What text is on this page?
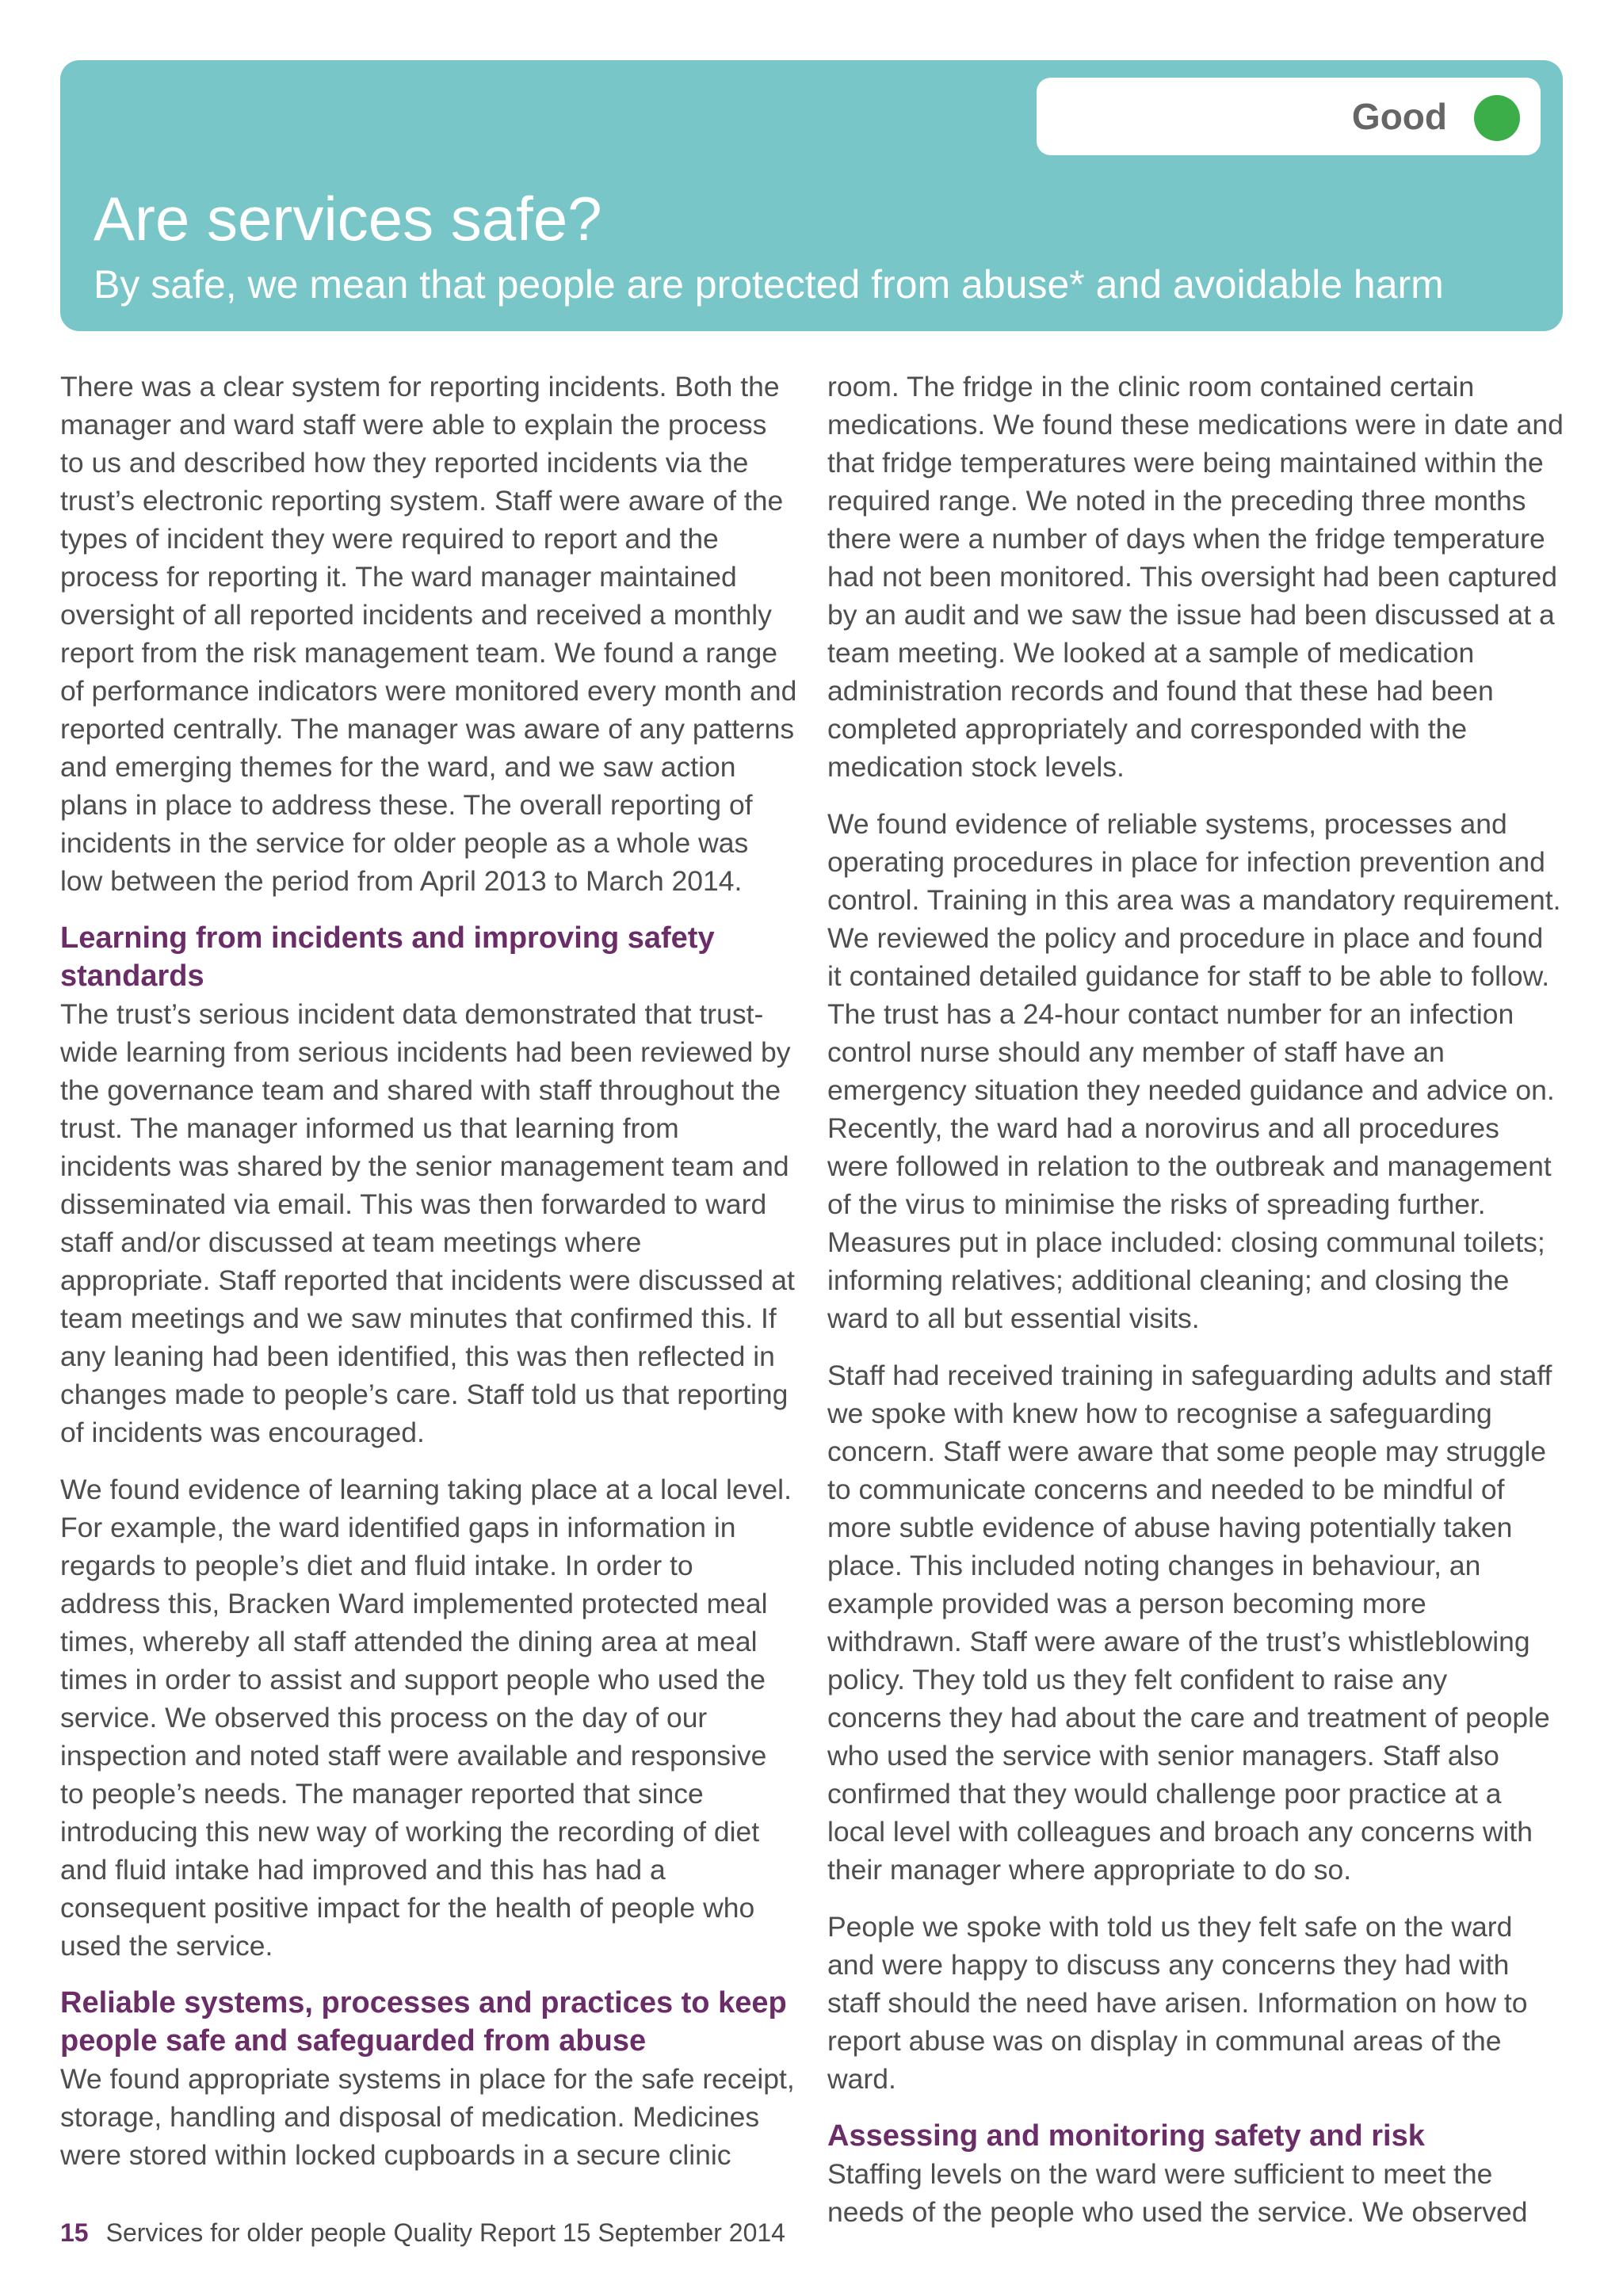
Good
Are services safe?
By safe, we mean that people are protected from abuse* and avoidable harm

There was a clear system for reporting incidents. Both the manager and ward staff were able to explain the process to us and described how they reported incidents via the trust’s electronic reporting system. Staff were aware of the types of incident they were required to report and the process for reporting it. The ward manager maintained oversight of all reported incidents and received a monthly report from the risk management team. We found a range of performance indicators were monitored every month and reported centrally. The manager was aware of any patterns and emerging themes for the ward, and we saw action plans in place to address these. The overall reporting of incidents in the service for older people as a whole was low between the period from April 2013 to March 2014.

Learning from incidents and improving safety standards

The trust’s serious incident data demonstrated that trust-wide learning from serious incidents had been reviewed by the governance team and shared with staff throughout the trust. The manager informed us that learning from incidents was shared by the senior management team and disseminated via email. This was then forwarded to ward staff and/or discussed at team meetings where appropriate. Staff reported that incidents were discussed at team meetings and we saw minutes that confirmed this. If any leaning had been identified, this was then reflected in changes made to people’s care. Staff told us that reporting of incidents was encouraged.

We found evidence of learning taking place at a local level. For example, the ward identified gaps in information in regards to people’s diet and fluid intake. In order to address this, Bracken Ward implemented protected meal times, whereby all staff attended the dining area at meal times in order to assist and support people who used the service. We observed this process on the day of our inspection and noted staff were available and responsive to people’s needs. The manager reported that since introducing this new way of working the recording of diet and fluid intake had improved and this has had a consequent positive impact for the health of people who used the service.

Reliable systems, processes and practices to keep people safe and safeguarded from abuse

We found appropriate systems in place for the safe receipt, storage, handling and disposal of medication. Medicines were stored within locked cupboards in a secure clinic

room. The fridge in the clinic room contained certain medications. We found these medications were in date and that fridge temperatures were being maintained within the required range. We noted in the preceding three months there were a number of days when the fridge temperature had not been monitored. This oversight had been captured by an audit and we saw the issue had been discussed at a team meeting. We looked at a sample of medication administration records and found that these had been completed appropriately and corresponded with the medication stock levels.

We found evidence of reliable systems, processes and operating procedures in place for infection prevention and control. Training in this area was a mandatory requirement. We reviewed the policy and procedure in place and found it contained detailed guidance for staff to be able to follow. The trust has a 24-hour contact number for an infection control nurse should any member of staff have an emergency situation they needed guidance and advice on. Recently, the ward had a norovirus and all procedures were followed in relation to the outbreak and management of the virus to minimise the risks of spreading further. Measures put in place included: closing communal toilets; informing relatives; additional cleaning; and closing the ward to all but essential visits.

Staff had received training in safeguarding adults and staff we spoke with knew how to recognise a safeguarding concern. Staff were aware that some people may struggle to communicate concerns and needed to be mindful of more subtle evidence of abuse having potentially taken place. This included noting changes in behaviour, an example provided was a person becoming more withdrawn. Staff were aware of the trust’s whistleblowing policy. They told us they felt confident to raise any concerns they had about the care and treatment of people who used the service with senior managers. Staff also confirmed that they would challenge poor practice at a local level with colleagues and broach any concerns with their manager where appropriate to do so.

People we spoke with told us they felt safe on the ward and were happy to discuss any concerns they had with staff should the need have arisen. Information on how to report abuse was on display in communal areas of the ward.

Assessing and monitoring safety and risk

Staffing levels on the ward were sufficient to meet the needs of the people who used the service. We observed

15 Services for older people Quality Report 15 September 2014
